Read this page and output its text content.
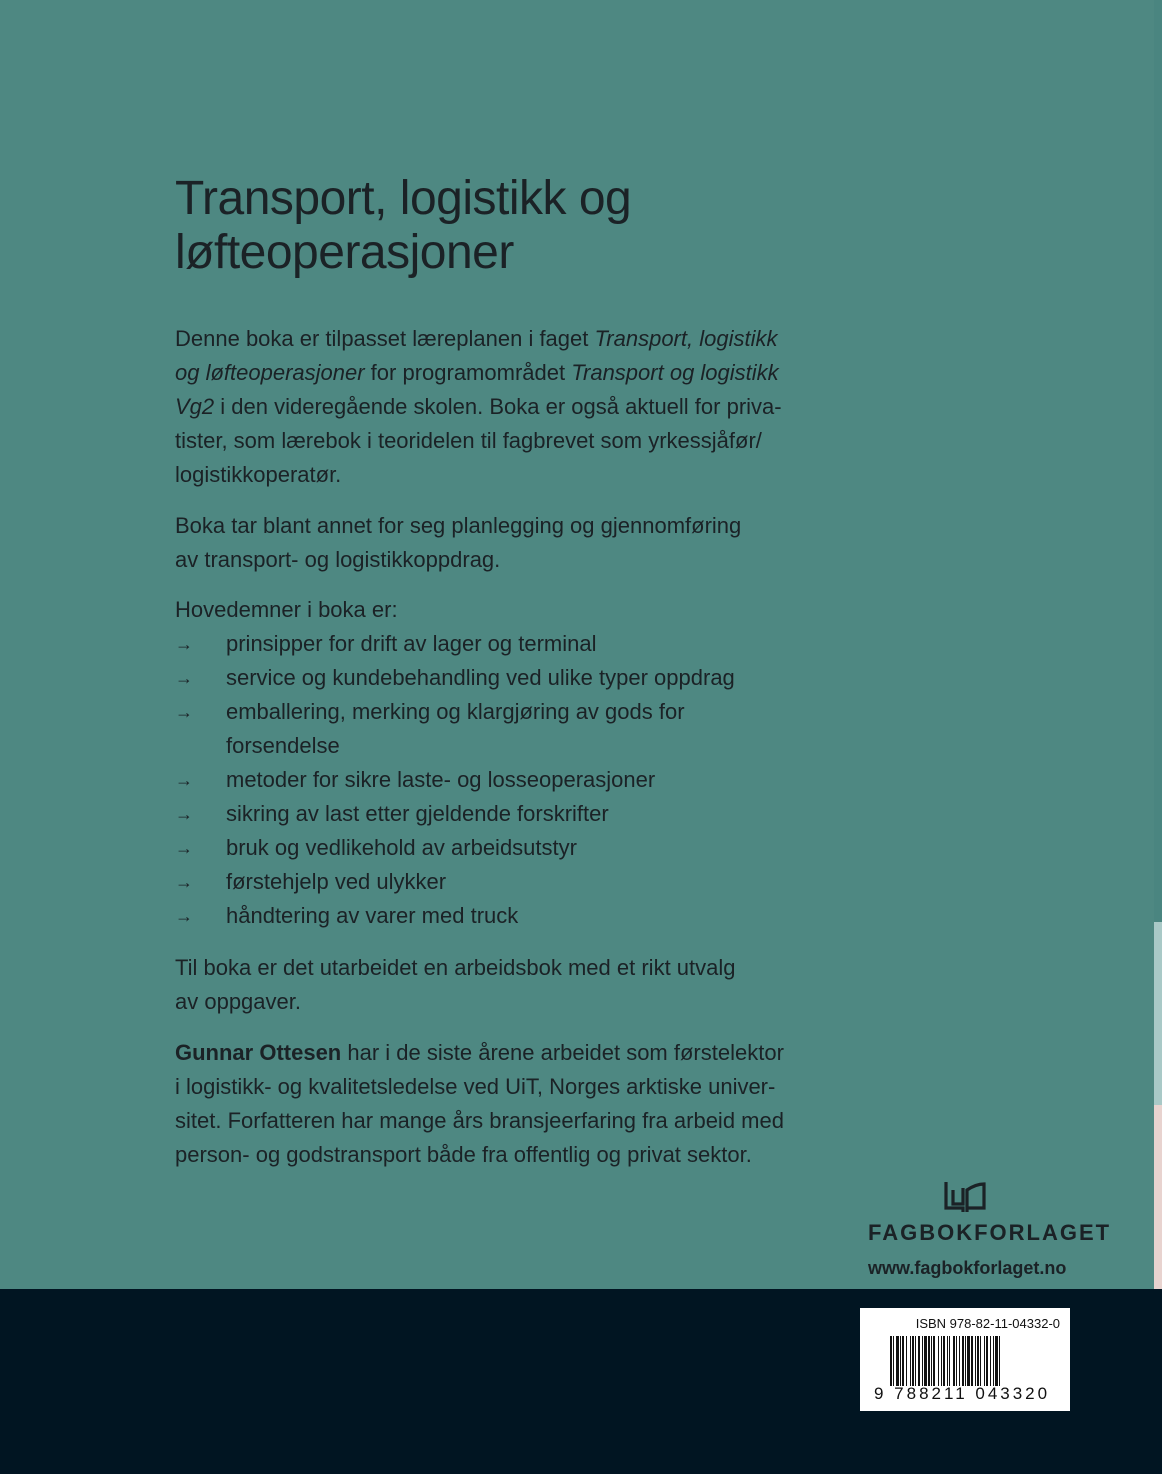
Transport, logistikk og
løfteoperasjoner

Denne boka er tilpasset læreplanen i faget Transport, logistikk
og løfteoperasjoner for programområdet Transport og logistikk
Vg2 i den videregående skolen. Boka er også aktuell for priva-
tister, som lærebok i teoridelen til fagbrevet som yrkessjåfør/
logistikkoperatør.

Boka tar blant annet for seg planlegging og gjennomføring
av transport- og logistikkoppdrag.

Hovedemner i boka er:

→	prinsipper for drift av lager og terminal
→	service og kundebehandling ved ulike typer oppdrag
→	emballering, merking og klargjøring av gods for
forsendelse
→	metoder for sikre laste- og losseoperasjoner
→	sikring av last etter gjeldende forskrifter
→	bruk og vedlikehold av arbeidsutstyr
→	førstehjelp ved ulykker
→	håndtering av varer med truck

Til boka er det utarbeidet en arbeidsbok med et rikt utvalg
av oppgaver.

Gunnar Ottesen har i de siste årene arbeidet som førstelektor
i logistikk- og kvalitetsledelse ved UiT, Norges arktiske univer-
sitet. Forfatteren har mange års bransjeerfaring fra arbeid med
person- og godstransport både fra offentlig og privat sektor.

FAGBOKFORLAGET
www.fagbokforlaget.no
ISBN 978-82-11-04332-0
9 788211 043320
